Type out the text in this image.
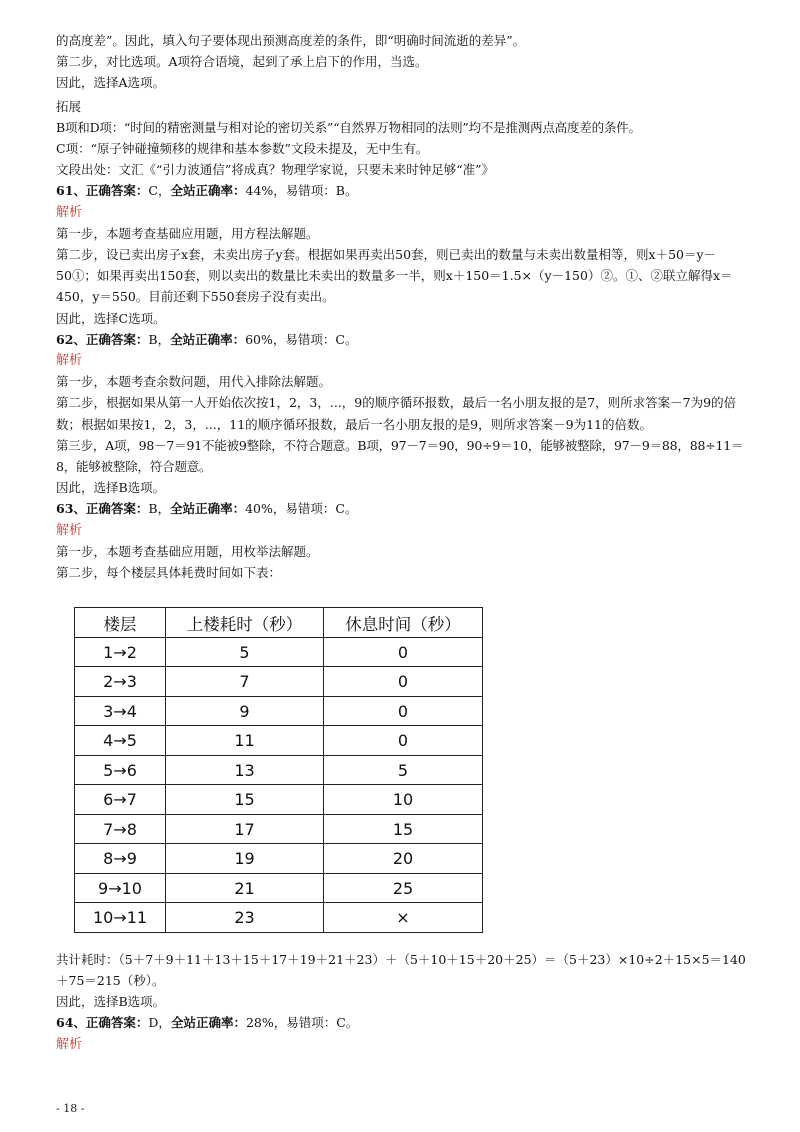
的高度差”。因此，填入句子要体现出预测高度差的条件，即“明确时间流逝的差异”。
第二步，对比选项。A项符合语境，起到了承上启下的作用，当选。
因此，选择A选项。
拓展
B项和D项：“时间的精密测量与相对论的密切关系”“自然界万物相同的法则”均不是推测两点高度差的条件。
C项：“原子钟碰撞频移的规律和基本参数”文段未提及，无中生有。
文段出处：文汇《“引力波通信”将成真？物理学家说，只要未来时钟足够“准”》
61、正确答案：C，全站正确率：44%，易错项：B。
解析
第一步，本题考查基础应用题，用方程法解题。
第二步，设已卖出房子x套，未卖出房子y套。根据如果再卖出50套，则已卖出的数量与未卖出数量相等，则x＋50＝y－50①；如果再卖出150套，则以卖出的数量比未卖出的数量多一半，则x＋150＝1.5×（y－150）②。①、②联立解得x＝450，y＝550。目前还剩下550套房子没有卖出。
因此，选择C选项。
62、正确答案：B，全站正确率：60%，易错项：C。
解析
第一步，本题考查余数问题，用代入排除法解题。
第二步，根据如果从第一人开始依次按1，2，3，...，9的顺序循环报数，最后一名小朋友报的是7，则所求答案－7为9的倍数；根据如果按1，2，3，...，11的顺序循环报数，最后一名小朋友报的是9，则所求答案－9为11的倍数。
第三步，A项，98－7＝91不能被9整除，不符合题意。B项，97－7＝90，90÷9＝10，能够被整除，97－9＝88，88÷11＝8，能够被整除，符合题意。
因此，选择B选项。
63、正确答案：B，全站正确率：40%，易错项：C。
解析
第一步，本题考查基础应用题，用枚举法解题。
第二步，每个楼层具体耗费时间如下表：
楼层	上楼耗时（秒）	休息时间（秒）
1→2	5	0
2→3	7	0
3→4	9	0
4→5	11	0
5→6	13	5
6→7	15	10
7→8	17	15
8→9	19	20
9→10	21	25
10→11	23	×
共计耗时：（5＋7＋9＋11＋13＋15＋17＋19＋21＋23）＋（5＋10＋15＋20＋25）＝（5＋23）×10÷2＋15×5＝140＋75＝215（秒）。
因此，选择B选项。
64、正确答案：D，全站正确率：28%，易错项：C。
解析
- 18 -
